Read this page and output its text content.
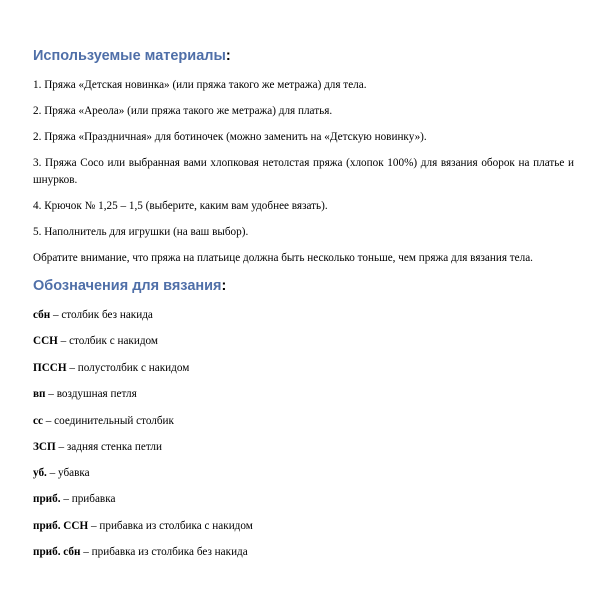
Используемые материалы:

1. Пряжа «Детская новинка» (или пряжа такого же метража) для тела.

2. Пряжа «Ареола» (или пряжа такого же метража) для платья.

2. Пряжа «Праздничная» для ботиночек (можно заменить на «Детскую новинку»).

3. Пряжа Coco или выбранная вами хлопковая нетолстая пряжа (хлопок 100%) для вязания оборок на платье и шнурков.

4. Крючок № 1,25 – 1,5 (выберите, каким вам удобнее вязать).

5. Наполнитель для игрушки (на ваш выбор).

Обратите внимание, что пряжа на платьице должна быть несколько тоньше, чем пряжа для вязания тела.

Обозначения для вязания:

сбн – столбик без накида

ССН – столбик с накидом

ПССН – полустолбик с накидом

вп – воздушная петля

сс – соединительный столбик

ЗСП – задняя стенка петли

уб. – убавка

приб. – прибавка

приб. ССН – прибавка из столбика с накидом

приб. сбн – прибавка из столбика без накида
